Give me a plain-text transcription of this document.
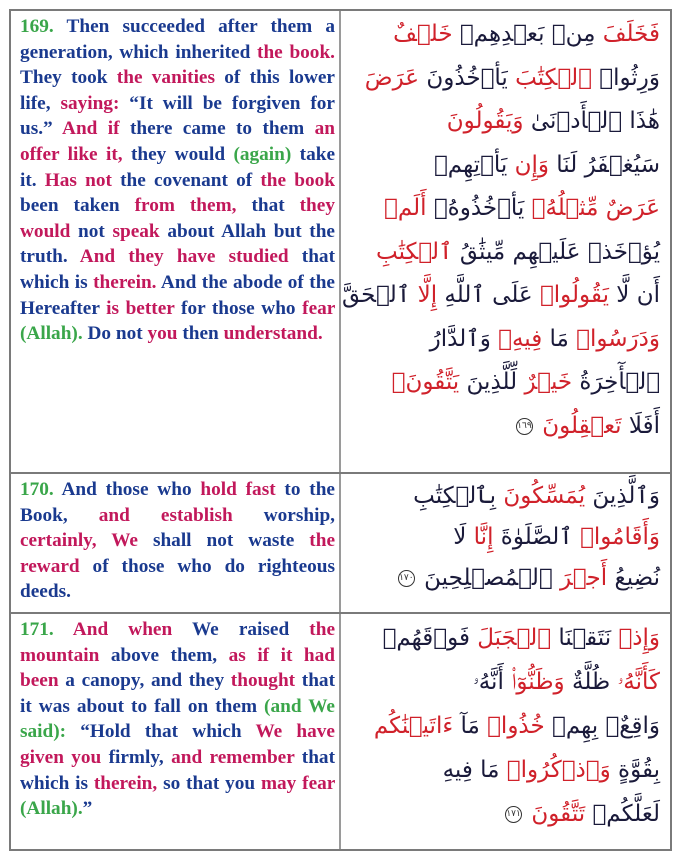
169. Then succeeded after them a generation, which inherited the book. They took the vanities of this lower life, saying: “It will be forgiven for us.” And if there came to them an offer like it, they would (again) take it. Has not the covenant of the book been taken from them, that they would not speak about Allah but the truth. And they have studied that which is therein. And the abode of the Hereafter is better for those who fear (Allah). Do not you then understand.

فَخَلَفَ مِنۢ بَعۡدِهِمۡ خَلۡفٌ

وَرِثُوا۟ ٱلۡكِتَٰبَ يَأۡخُذُونَ عَرَضَ

هَٰذَا ٱلۡأَدۡنَىٰ وَيَقُولُونَ

سَيُغۡفَرُ لَنَا وَإِن يَأۡتِهِمۡ

عَرَضٌ مِّثۡلُهُۥ يَأۡخُذُوهُۚ أَلَمۡ

يُؤۡخَذۡ عَلَيۡهِم مِّيثَٰقُ ٱلۡكِتَٰبِ

أَن لَّا يَقُولُوا۟ عَلَى ٱللَّهِ إِلَّا ٱلۡحَقَّ

وَدَرَسُوا۟ مَا فِيهِۗ وَٱلدَّارُ

ٱلۡأٓخِرَةُ خَيۡرٌ لِّلَّذِينَ يَتَّقُونَۚ

أَفَلَا تَعۡقِلُونَ ١٦٩

170. And those who hold fast to the Book, and establish worship, certainly, We shall not waste the reward of those who do righteous deeds.

وَٱلَّذِينَ يُمَسِّكُونَ بِٱلۡكِتَٰبِ

وَأَقَامُوا۟ ٱلصَّلَوٰةَ إِنَّا لَا

نُضِيعُ أَجۡرَ ٱلۡمُصۡلِحِينَ ١٧٠

171. And when We raised the mountain above them, as if it had been a canopy, and they thought that it was about to fall on them (and We said): “Hold that which We have given you firmly, and remember that which is therein, so that you may fear (Allah).”

وَإِذۡ نَتَقۡنَا ٱلۡجَبَلَ فَوۡقَهُمۡ

كَأَنَّهُۥ ظُلَّةٌ وَظَنُّوٓا۟ أَنَّهُۥ

وَاقِعٌۢ بِهِمۡ خُذُوا۟ مَآ ءَاتَيۡنَٰكُم

بِقُوَّةٍ وَٱذۡكُرُوا۟ مَا فِيهِ

لَعَلَّكُمۡ تَتَّقُونَ ١٧١
